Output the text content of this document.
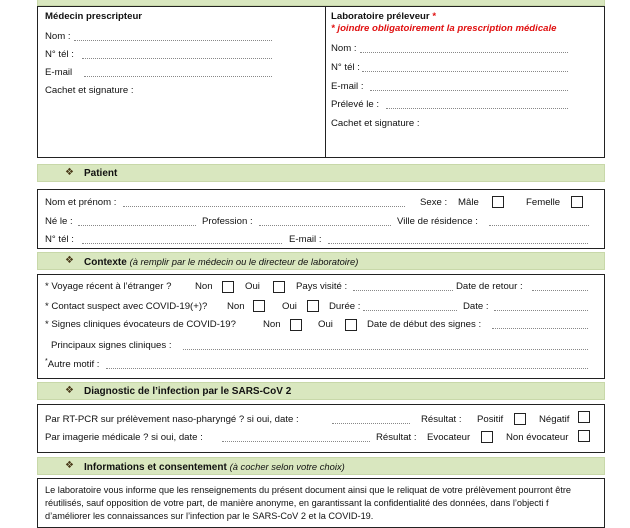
Médecin prescripteur
Nom :
N° tél :
E-mail
Cachet et signature :
Laboratoire préleveur *
* joindre obligatoirement la prescription médicale
Nom :
N° tél :
E-mail :
Prélevé le :
Cachet et signature :
❖ Patient
Nom et prénom :	Sexe : Mâle	Femelle
Né le :	Profession :	Ville de résidence :
N° tél :	E-mail :
❖ Contexte (à remplir par le médecin ou le directeur de laboratoire)
* Voyage récent à l’étranger ? Non	Oui	Pays visité :	Date de retour :
* Contact suspect avec COVID-19(+)? Non	Oui	Durée :	Date :
* Signes cliniques évocateurs de COVID-19?	Non	Oui	Date de début des signes :
Principaux signes cliniques :
*Autre motif :
❖ Diagnostic de l’infection par le SARS-CoV 2
Par RT-PCR sur prélèvement naso-pharyngé ? si oui, date :	Résultat : Positif	Négatif
Par imagerie médicale ? si oui, date :	Résultat : Evocateur	Non évocateur
❖ Informations et consentement (à cocher selon votre choix)
Le laboratoire vous informe que les renseignements du présent document ainsi que le reliquat de votre prélèvement pourront être
réutilisés, sauf opposition de votre part, de manière anonyme, en garantissant la confidentialité des données, dans l’objecti f
d’améliorer les connaissances sur l’infection par le SARS-CoV 2 et la COVID-19.
